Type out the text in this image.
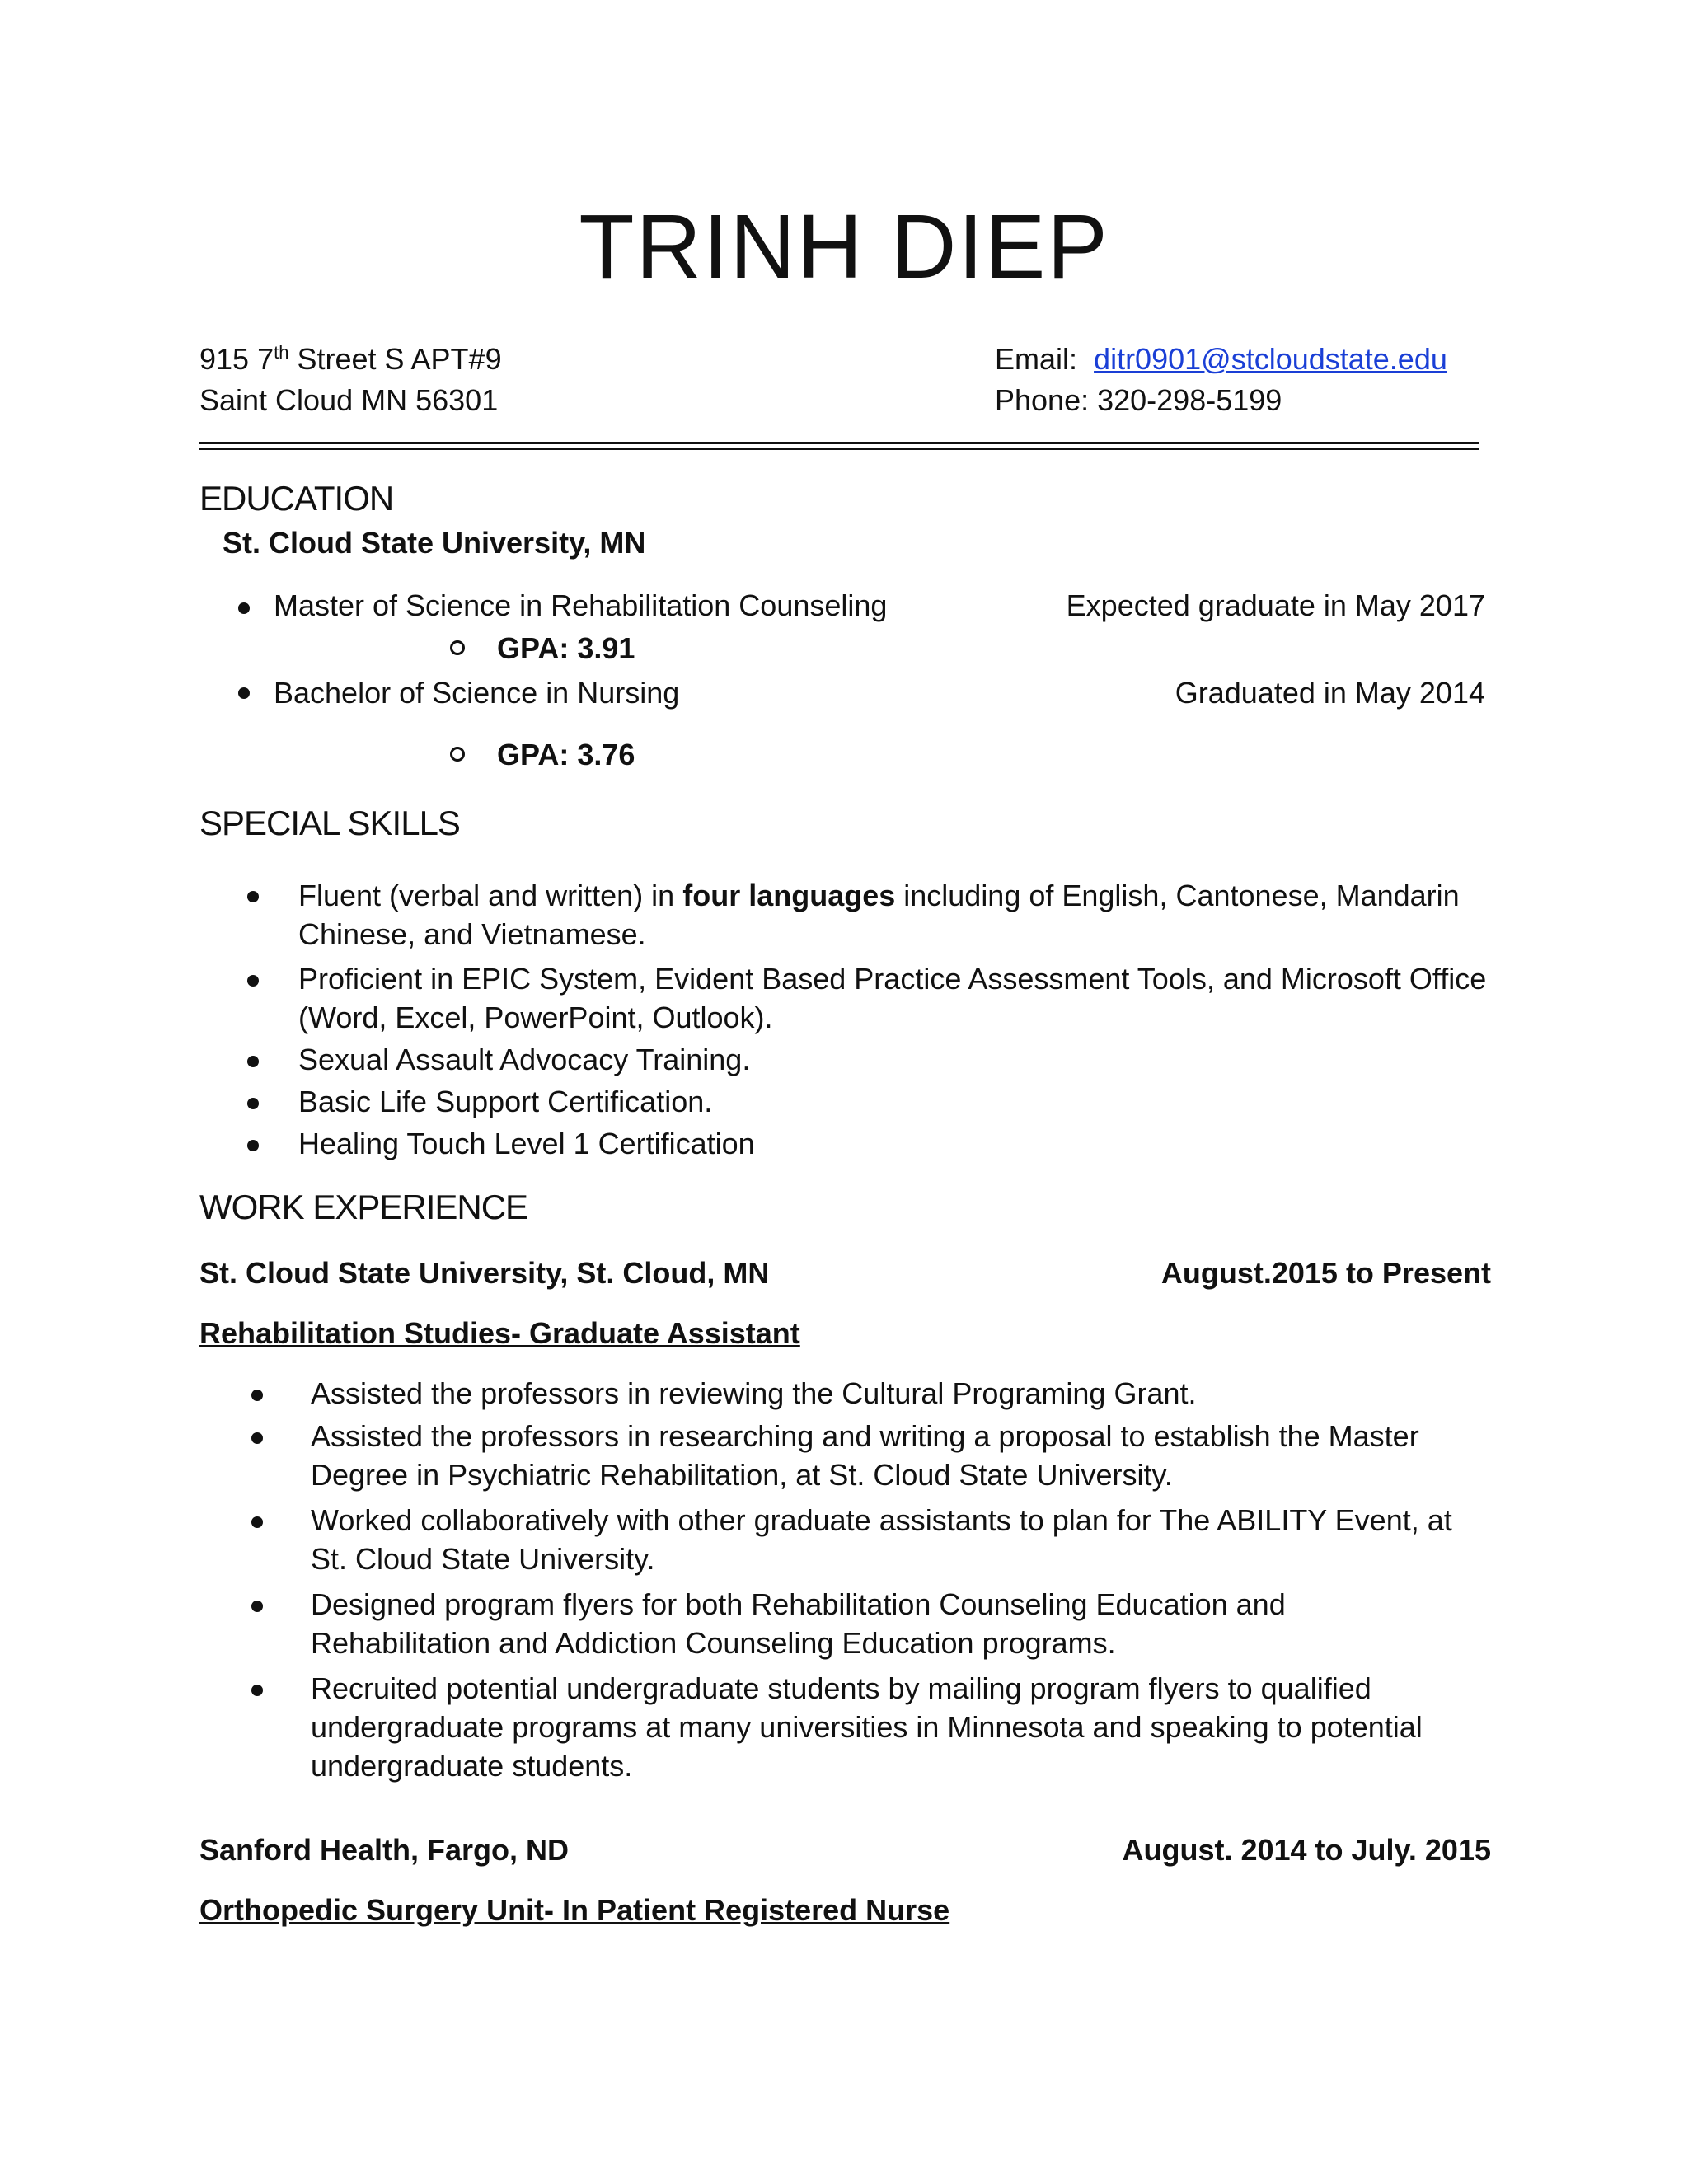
TRINH DIEP
915 7th Street S APT#9
Saint Cloud MN 56301
Email: ditr0901@stcloudstate.edu
Phone: 320-298-5199
EDUCATION
St. Cloud State University, MN
Master of Science in Rehabilitation Counseling	Expected graduate in May 2017
GPA: 3.91
Bachelor of Science in Nursing	Graduated in May 2014
GPA: 3.76
SPECIAL SKILLS
Fluent (verbal and written) in four languages including of English, Cantonese, Mandarin
Chinese, and Vietnamese.
Proficient in EPIC System, Evident Based Practice Assessment Tools, and Microsoft Office
(Word, Excel, PowerPoint, Outlook).
Sexual Assault Advocacy Training.
Basic Life Support Certification.
Healing Touch Level 1 Certification
WORK EXPERIENCE
St. Cloud State University, St. Cloud, MN	August.2015 to Present
Rehabilitation Studies- Graduate Assistant
Assisted the professors in reviewing the Cultural Programing Grant.
Assisted the professors in researching and writing a proposal to establish the Master
Degree in Psychiatric Rehabilitation, at St. Cloud State University.
Worked collaboratively with other graduate assistants to plan for The ABILITY Event, at
St. Cloud State University.
Designed program flyers for both Rehabilitation Counseling Education and
Rehabilitation and Addiction Counseling Education programs.
Recruited potential undergraduate students by mailing program flyers to qualified
undergraduate programs at many universities in Minnesota and speaking to potential
undergraduate students.
Sanford Health, Fargo, ND	August. 2014 to July. 2015
Orthopedic Surgery Unit- In Patient Registered Nurse
